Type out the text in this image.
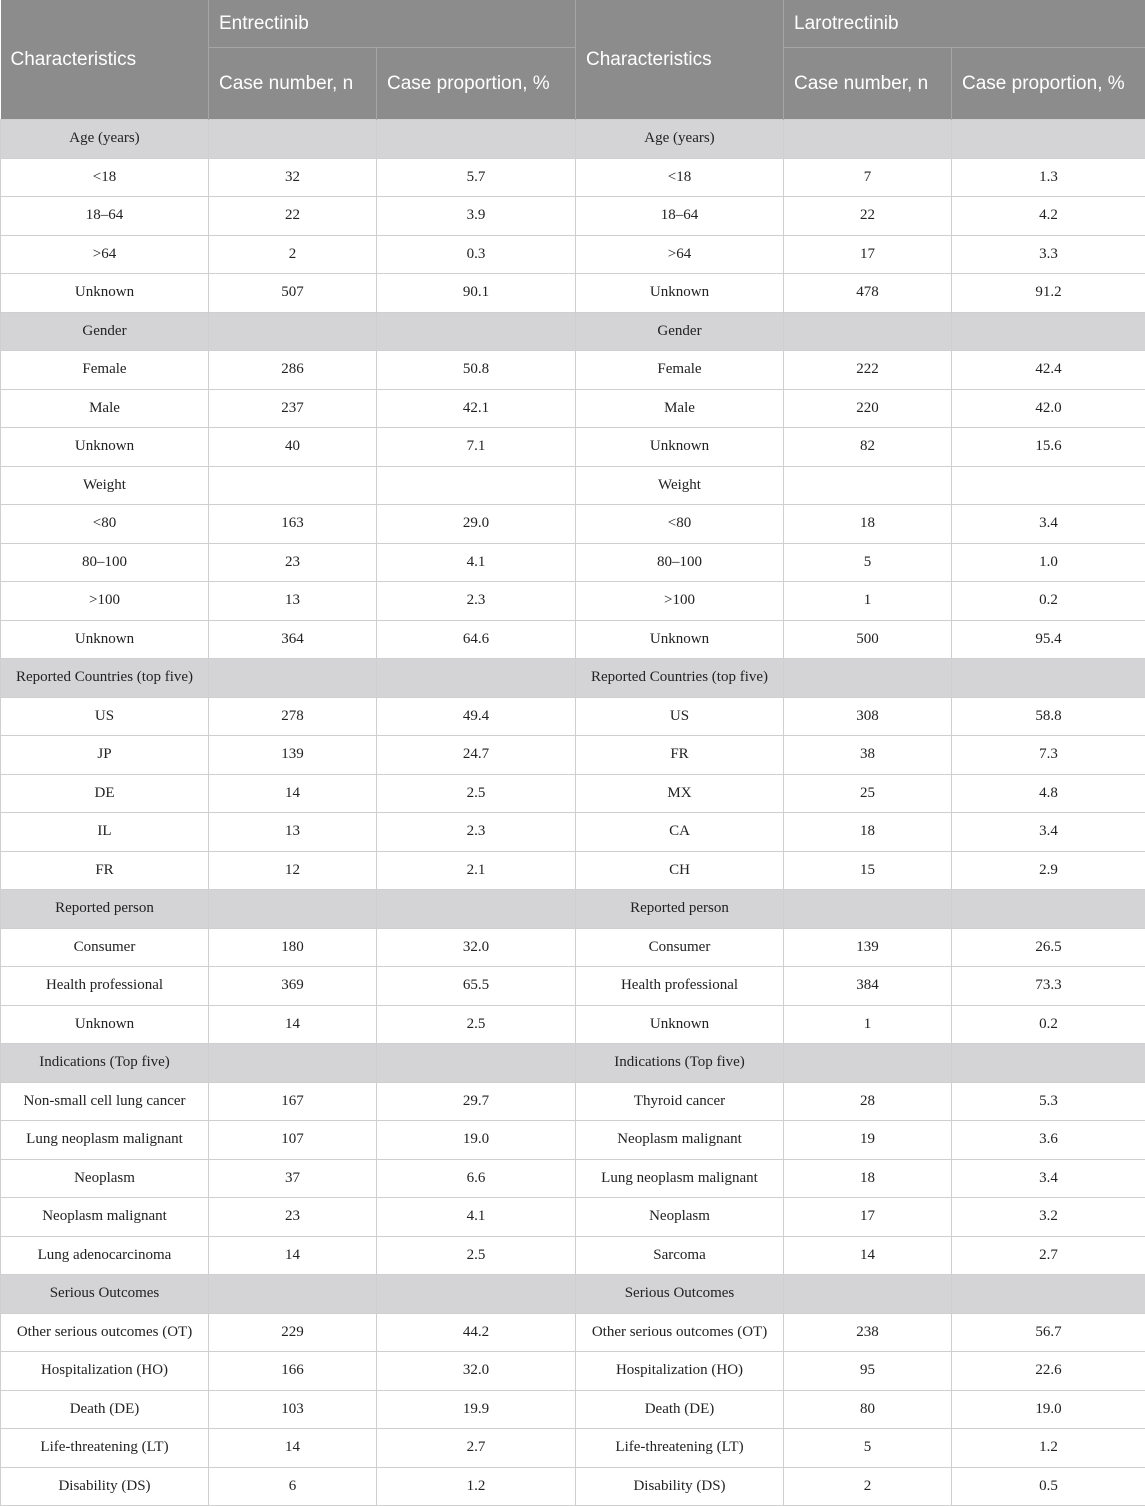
Characteristics	Entrectinib		Characteristics	Larotrectinib	
	Case number, n	Case proportion, %		Case number, n	Case proportion, %
Age (years)			Age (years)		
<18	32	5.7	<18	7	1.3
18–64	22	3.9	18–64	22	4.2
>64	2	0.3	>64	17	3.3
Unknown	507	90.1	Unknown	478	91.2
Gender			Gender		
Female	286	50.8	Female	222	42.4
Male	237	42.1	Male	220	42.0
Unknown	40	7.1	Unknown	82	15.6
Weight			Weight		
<80	163	29.0	<80	18	3.4
80–100	23	4.1	80–100	5	1.0
>100	13	2.3	>100	1	0.2
Unknown	364	64.6	Unknown	500	95.4
Reported Countries (top five)			Reported Countries (top five)		
US	278	49.4	US	308	58.8
JP	139	24.7	FR	38	7.3
DE	14	2.5	MX	25	4.8
IL	13	2.3	CA	18	3.4
FR	12	2.1	CH	15	2.9
Reported person			Reported person		
Consumer	180	32.0	Consumer	139	26.5
Health professional	369	65.5	Health professional	384	73.3
Unknown	14	2.5	Unknown	1	0.2
Indications (Top five)			Indications (Top five)		
Non-small cell lung cancer	167	29.7	Thyroid cancer	28	5.3
Lung neoplasm malignant	107	19.0	Neoplasm malignant	19	3.6
Neoplasm	37	6.6	Lung neoplasm malignant	18	3.4
Neoplasm malignant	23	4.1	Neoplasm	17	3.2
Lung adenocarcinoma	14	2.5	Sarcoma	14	2.7
Serious Outcomes			Serious Outcomes		
Other serious outcomes (OT)	229	44.2	Other serious outcomes (OT)	238	56.7
Hospitalization (HO)	166	32.0	Hospitalization (HO)	95	22.6
Death (DE)	103	19.9	Death (DE)	80	19.0
Life-threatening (LT)	14	2.7	Life-threatening (LT)	5	1.2
Disability (DS)	6	1.2	Disability (DS)	2	0.5
